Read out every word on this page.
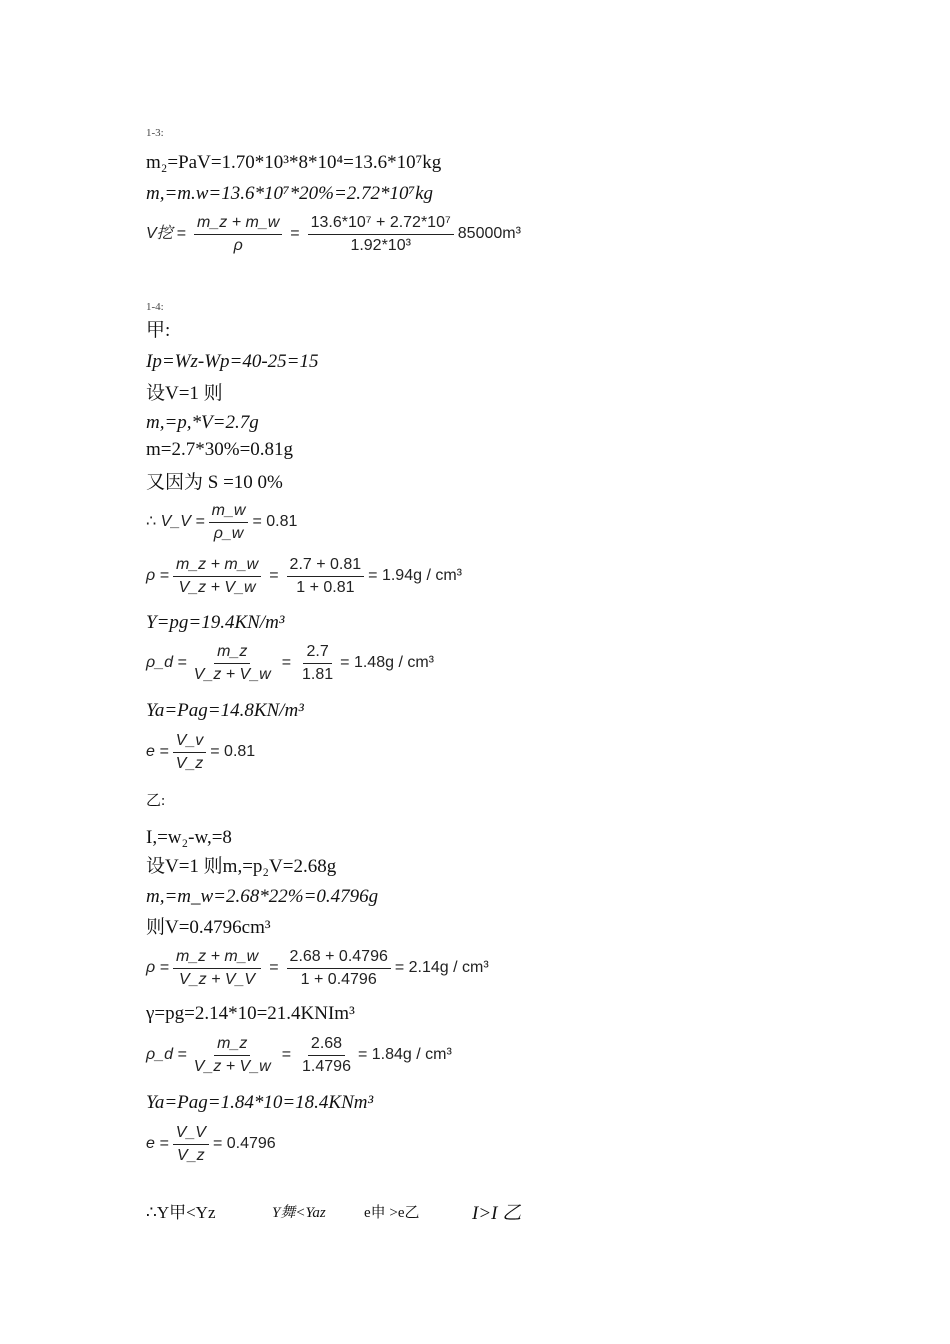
1-3:
m₂=PaV=1.70*10³*8*10⁴=13.6*10⁷kg
m,=m.w=13.6*10⁷*20%=2.72*10⁷kg
V挖 = $\frac{m\_z + m\_w}{\rho} = \frac{\text{13.6*10⁷ + 2.72*10⁷}}{\text{1.92*10³}} 85000m^3$
1-4:
甲:
Ip=Wz-Wp=40-25=15
设V=1 则
m,=p,*V=2.7g
m=2.7*30%=0.81g
又因为 S =10 0%
∴ V_V = $\frac{m\_w}{\rho\_w} = 0.81$
$\rho = \frac{m\_z + m\_w}{V\_z + V\_w} = \frac{2.7 + 0.81}{1 + 0.81} = 1.94g / cm^3$
Y=pg=19.4KN/m³
ρ_d = $\frac{m\_z}{V\_z + V\_w} = \frac{2.7}{1.81} = 1.48g / cm^3$
Ya=Pag=14.8KN/m³
$e = \frac{V\_v}{V\_z} = 0.81$
乙:
I,=w₂-w,=8
设V=1 则m,=p₂V=2.68g
m,=m_w=2.68*22%=0.4796g
则V=0.4796cm³
$\rho = \frac{m\_z + m\_w}{V\_z + V\_V} = \frac{2.68 + 0.4796}{1 + 0.4796} = 2.14g / cm^3$
γ=pg=2.14*10=21.4KNIm³
ρ_d = $\frac{m\_z}{V\_z + V\_w} = \frac{2.68}{1.4796} = 1.84g / cm^3$
Ya=Pag=1.84*10=18.4KNm³
$e = \frac{V\_V}{V\_z} = 0.4796$
∴Y甲<Yz	Y舞<Yaz	e申 >e乙	I>I 乙
